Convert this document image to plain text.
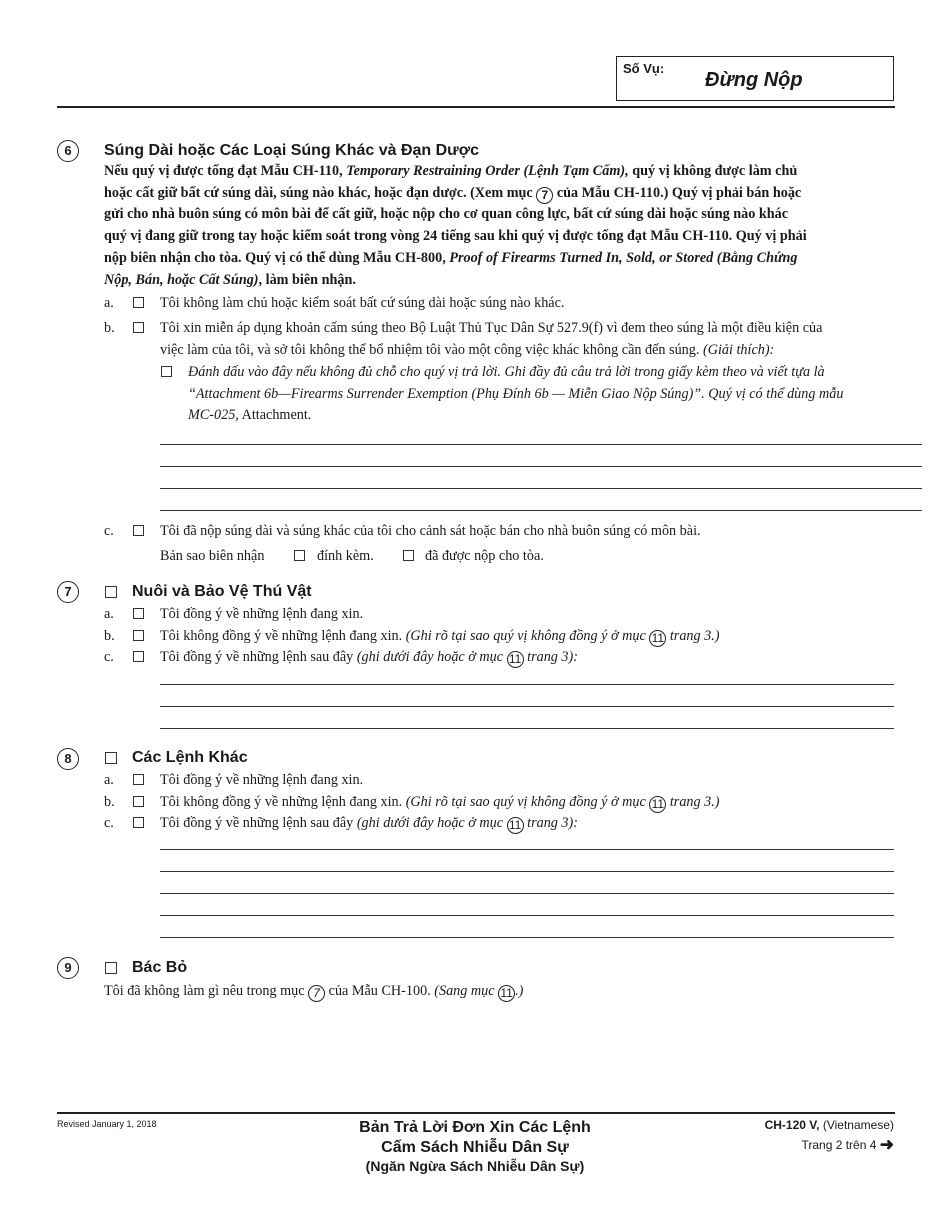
Số Vụ:
Đừng Nộp
6	Súng Dài hoặc Các Loại Súng Khác và Đạn Dược
Nếu quý vị được tống đạt Mẫu CH-110, Temporary Restraining Order (Lệnh Tạm Cấm), quý vị không được làm chủ
hoặc cất giữ bất cứ súng dài, súng nào khác, hoặc đạn dược. (Xem mục 7 của Mẫu CH-110.) Quý vị phải bán hoặc
gửi cho nhà buôn súng có môn bài để cất giữ, hoặc nộp cho cơ quan công lực, bất cứ súng dài hoặc súng nào khác
quý vị đang giữ trong tay hoặc kiểm soát trong vòng 24 tiếng sau khi quý vị được tống đạt Mẫu CH-110. Quý vị phải
nộp biên nhận cho tòa. Quý vị có thể dùng Mẫu CH-800, Proof of Firearms Turned In, Sold, or Stored (Bằng Chứng
Nộp, Bán, hoặc Cất Súng), làm biên nhận.
a.	Tôi không làm chủ hoặc kiểm soát bất cứ súng dài hoặc súng nào khác.
b.	Tôi xin miễn áp dụng khoản cấm súng theo Bộ Luật Thủ Tục Dân Sự 527.9(f) vì đem theo súng là một điều kiện của
việc làm của tôi, và sở tôi không thể bổ nhiệm tôi vào một công việc khác không cần đến súng. (Giải thích):
Đánh dấu vào đây nếu không đủ chỗ cho quý vị trả lời. Ghi đầy đủ câu trả lời trong giấy kèm theo và viết tựa là
“Attachment 6b—Firearms Surrender Exemption (Phụ Đính 6b — Miễn Giao Nộp Súng)”. Quý vị có thể dùng mẫu
MC-025, Attachment.
c.	Tôi đã nộp súng dài và súng khác của tôi cho cảnh sát hoặc bán cho nhà buôn súng có môn bài.
Bản sao biên nhận	đính kèm.	đã được nộp cho tòa.
7	Nuôi và Bảo Vệ Thú Vật
a.	Tôi đồng ý về những lệnh đang xin.
b.	Tôi không đồng ý về những lệnh đang xin. (Ghi rõ tại sao quý vị không đồng ý ở mục 11 trang 3.)
c.	Tôi đồng ý về những lệnh sau đây (ghi dưới đây hoặc ở mục 11 trang 3):
8	Các Lệnh Khác
a.	Tôi đồng ý về những lệnh đang xin.
b.	Tôi không đồng ý về những lệnh đang xin. (Ghi rõ tại sao quý vị không đồng ý ở mục 11 trang 3.)
c.	Tôi đồng ý về những lệnh sau đây (ghi dưới đây hoặc ở mục 11 trang 3):
9	Bác Bỏ
Tôi đã không làm gì nêu trong mục 7 của Mẫu CH-100. (Sang mục 11 .)
Revised January 1, 2018	Bản Trả Lời Đơn Xin Các Lệnh
Cấm Sách Nhiễu Dân Sự
(Ngăn Ngừa Sách Nhiễu Dân Sự)
CH-120 V, (Vietnamese)
Trang 2 trên 4 ➜
